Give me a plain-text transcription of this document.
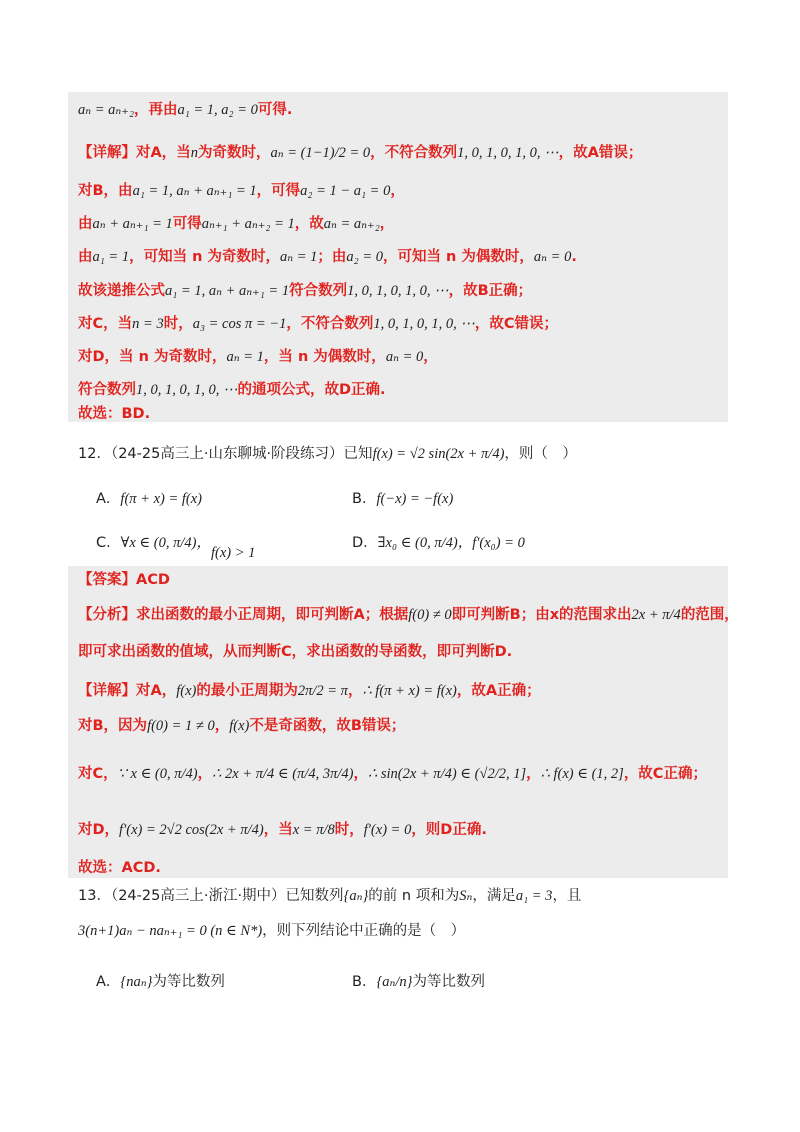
aₙ = aₙ₊₂，再由a₁ = 1, a₂ = 0可得.
【详解】对A，当n为奇数时，aₙ = (1−1)/2 = 0，不符合数列1, 0, 1, 0, 1, 0, ⋯，故A错误；
对B，由a₁ = 1, aₙ + aₙ₊₁ = 1，可得a₂ = 1 − a₁ = 0，
由aₙ + aₙ₊₁ = 1可得aₙ₊₁ + aₙ₊₂ = 1，故aₙ = aₙ₊₂，
由a₁ = 1，可知当 n 为奇数时，aₙ = 1；由a₂ = 0，可知当 n 为偶数时，aₙ = 0.
故该递推公式a₁ = 1, aₙ + aₙ₊₁ = 1符合数列1, 0, 1, 0, 1, 0, ⋯，故B正确；
对C，当n = 3时，a₃ = cos π = −1，不符合数列1, 0, 1, 0, 1, 0, ⋯，故C错误；
对D，当 n 为奇数时，aₙ = 1，当 n 为偶数时，aₙ = 0，
符合数列1, 0, 1, 0, 1, 0, ⋯的通项公式，故D正确.
故选：BD.
12．（24-25高三上·山东聊城·阶段练习）已知f(x) = √2 sin(2x + π/4)，则（　）
A．f(π + x) = f(x)	B．f(−x) = −f(x)
C．∀x ∈ (0, π/4)，f(x) > 1
D．∃x₀ ∈ (0, π/4)，f′(x₀) = 0
【答案】ACD
【分析】求出函数的最小正周期，即可判断A；根据f(0) ≠ 0即可判断B；由x的范围求出2x + π/4的范围，
即可求出函数的值域，从而判断C，求出函数的导函数，即可判断D.
【详解】对A，f(x)的最小正周期为2π/2 = π，∴ f(π + x) = f(x)，故A正确；
对B，因为f(0) = 1 ≠ 0，f(x)不是奇函数，故B错误；
对C，∵ x ∈ (0, π/4)，∴ 2x + π/4 ∈ (π/4, 3π/4)，∴ sin(2x + π/4) ∈ (√2/2, 1]，∴ f(x) ∈ (1, 2]，故C正确；
对D，f′(x) = 2√2 cos(2x + π/4)，当x = π/8时，f′(x) = 0，则D正确.
故选：ACD.
13．（24-25高三上·浙江·期中）已知数列{aₙ}的前 n 项和为Sₙ，满足a₁ = 3，且
3(n+1)aₙ − naₙ₊₁ = 0 (n ∈ N*)，则下列结论中正确的是（　）
A．{naₙ}为等比数列	B．{aₙ/n}为等比数列
